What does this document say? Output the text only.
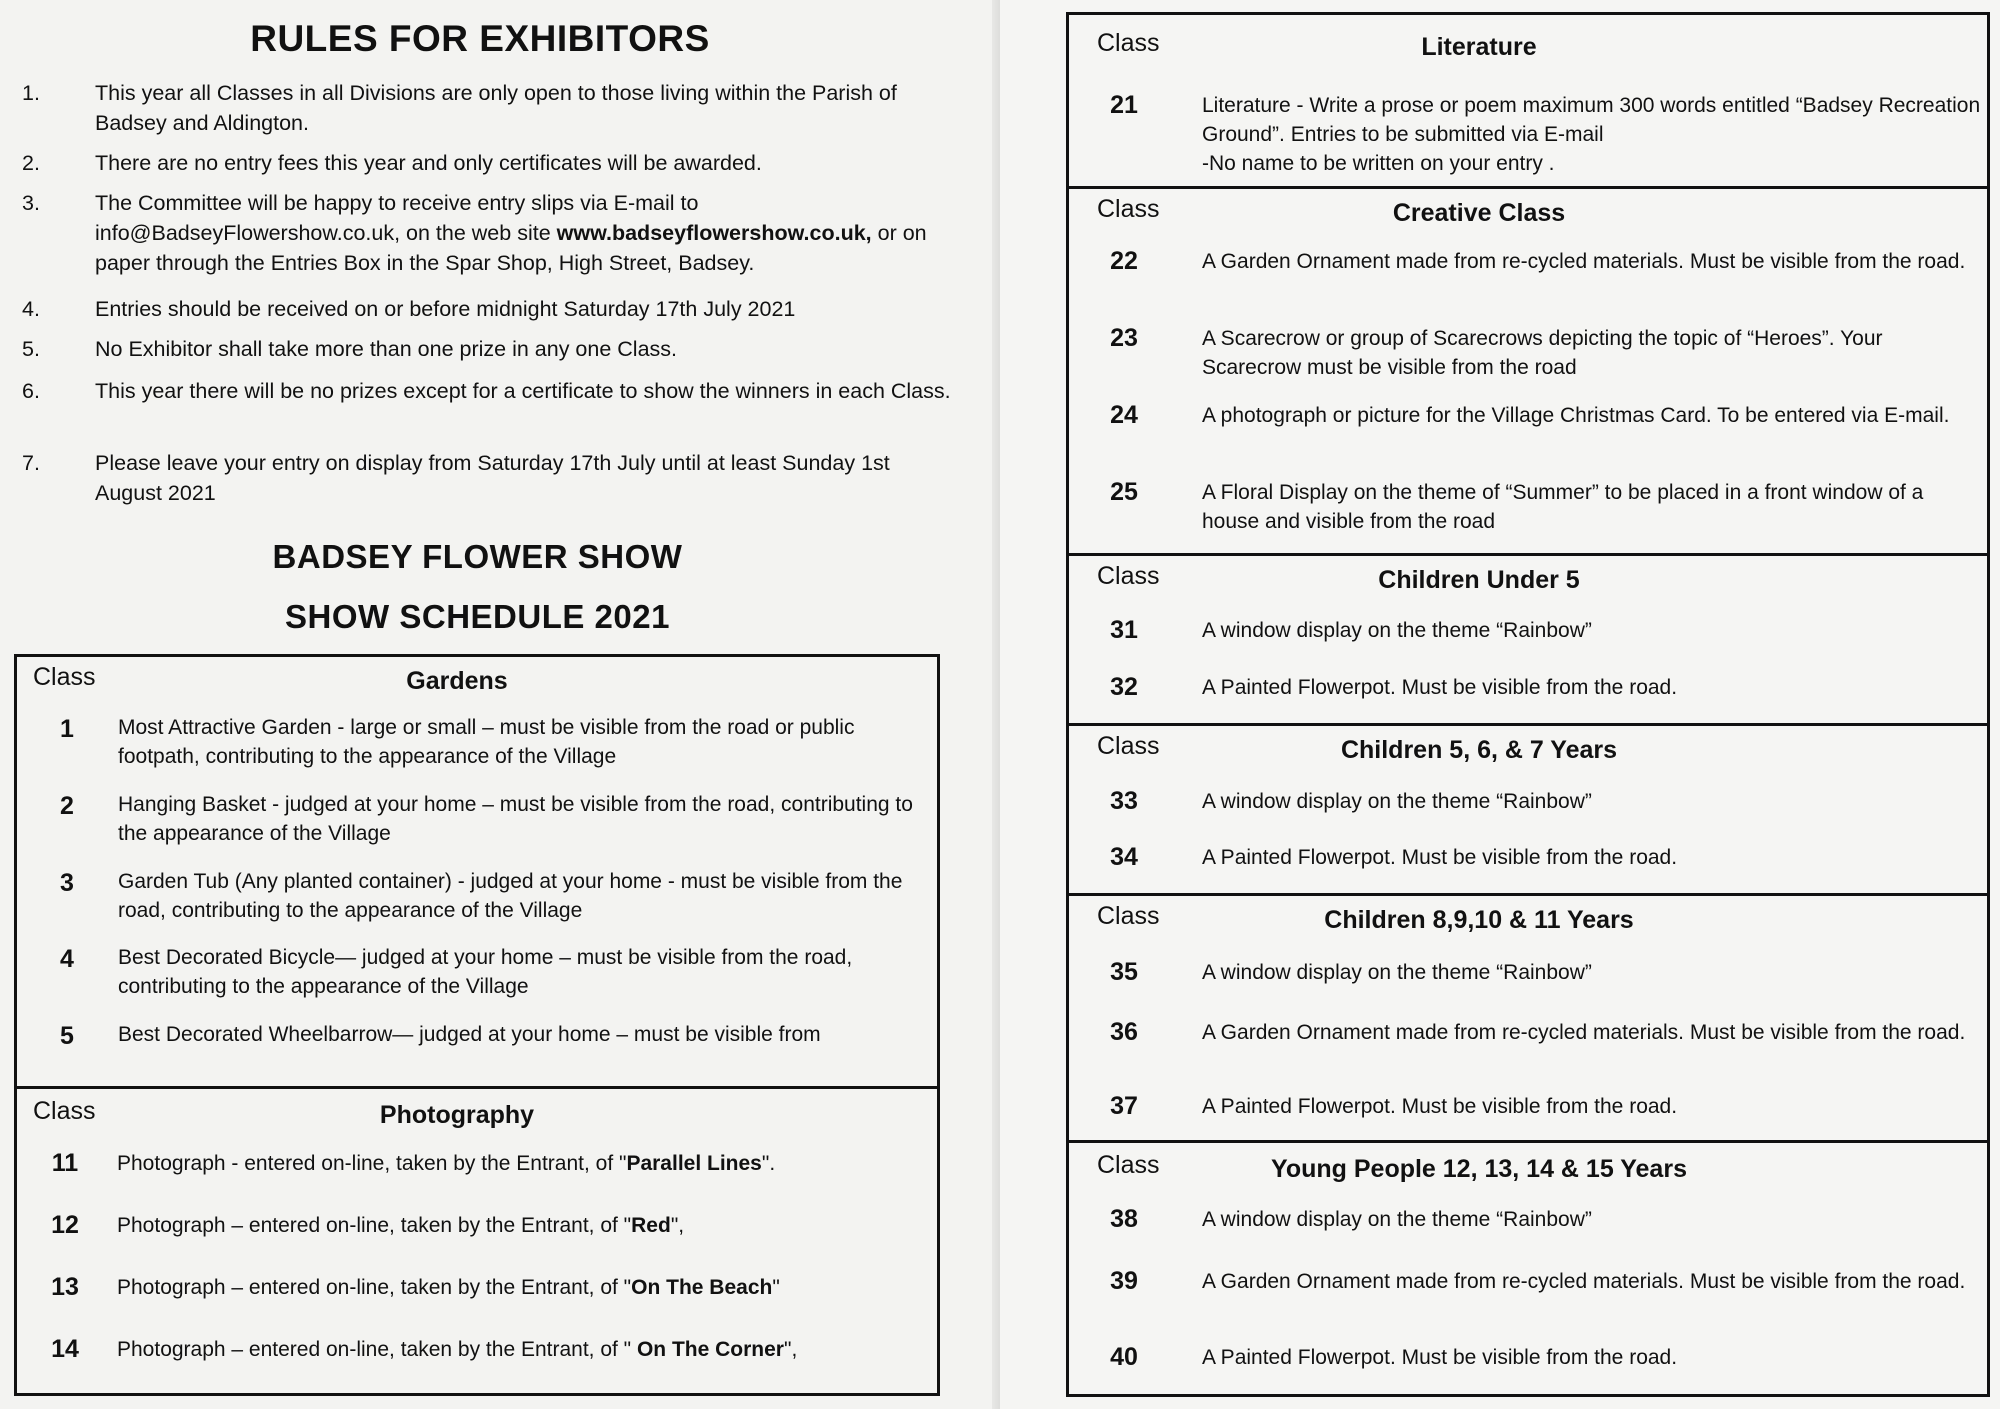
RULES FOR EXHIBITORS
1.	This year all Classes in all Divisions are only open to those living within the Parish of Badsey and Aldington.
2.	There are no entry fees this year and only certificates will be awarded.
3.	The Committee will be happy to receive entry slips via E-mail to info@BadseyFlowershow.co.uk, on the web site www.badseyflowershow.co.uk, or on paper through the Entries Box in the Spar Shop, High Street, Badsey.
4.	Entries should be received on or before midnight Saturday 17th July 2021
5.	No Exhibitor shall take more than one prize in any one Class.
6.	This year there will be no prizes except for a certificate to show the winners in each Class.
7.	Please leave your entry on display from Saturday 17th July until at least Sunday 1st August 2021
BADSEY FLOWER SHOW
SHOW SCHEDULE 2021
Class	Gardens
1	Most Attractive Garden - large or small – must be visible from the road or public footpath, contributing to the appearance of the Village
2	Hanging Basket - judged at your home – must be visible from the road, contributing to the appearance of the Village
3	Garden Tub (Any planted container) - judged at your home - must be visible from the road, contributing to the appearance of the Village
4	Best Decorated Bicycle— judged at your home – must be visible from the road, contributing to the appearance of the Village
5	Best Decorated Wheelbarrow— judged at your home – must be visible from
Class	Photography
11	Photograph - entered on-line, taken by the Entrant, of "Parallel Lines".
12 Photograph – entered on-line, taken by the Entrant, of "Red",
13 Photograph – entered on-line, taken by the Entrant, of "On The Beach"
14 Photograph – entered on-line, taken by the Entrant, of " On The Corner",
Class	Literature
21	Literature - Write a prose or poem maximum 300 words entitled “Badsey Recreation Ground”. Entries to be submitted via E-mail
-No name to be written on your entry .
Class	Creative Class
22	A Garden Ornament made from re-cycled materials. Must be visible from the road.
23	A Scarecrow or group of Scarecrows depicting the topic of “Heroes”. Your Scarecrow must be visible from the road
24	A photograph or picture for the Village Christmas Card. To be entered via E-mail.
25	A Floral Display on the theme of “Summer” to be placed in a front window of a house and visible from the road
Class	Children Under 5
31	A window display on the theme “Rainbow”
32	A Painted Flowerpot. Must be visible from the road.
Class	Children 5, 6, & 7 Years
33	A window display on the theme “Rainbow”
34	A Painted Flowerpot. Must be visible from the road.
Class	Children 8,9,10 & 11 Years
35	A window display on the theme “Rainbow”
36	A Garden Ornament made from re-cycled materials. Must be visible from the road.
37	A Painted Flowerpot. Must be visible from the road.
Class	Young People 12, 13, 14 & 15 Years
38	A window display on the theme “Rainbow”
39	A Garden Ornament made from re-cycled materials. Must be visible from the road.
40	A Painted Flowerpot. Must be visible from the road.
